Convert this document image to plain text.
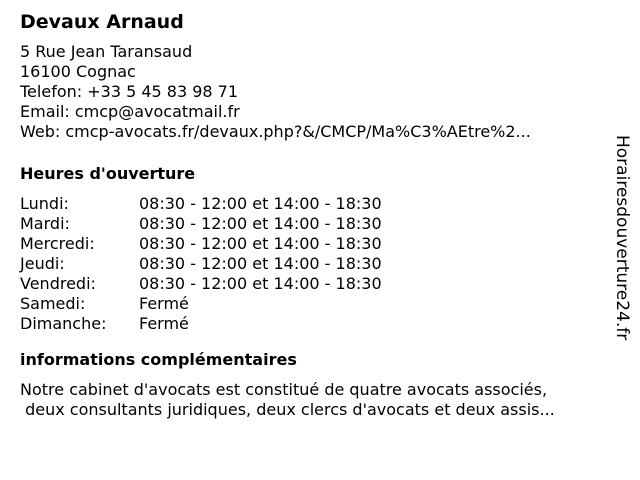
Devaux Arnaud
5 Rue Jean Taransaud
16100 Cognac
Telefon: +33 5 45 83 98 71
Email: cmcp@avocatmail.fr
Web: cmcp-avocats.fr/devaux.php?&/CMCP/Ma%C3%AEtre%2...
Heures d'ouverture
Lundi:	08:30 - 12:00 et 14:00 - 18:30
Mardi:	08:30 - 12:00 et 14:00 - 18:30
Mercredi:	08:30 - 12:00 et 14:00 - 18:30
Jeudi:	08:30 - 12:00 et 14:00 - 18:30
Vendredi:	08:30 - 12:00 et 14:00 - 18:30
Samedi:	Fermé
Dimanche:	Fermé
informations complémentaires
Notre cabinet d'avocats est constitué de quatre avocats associés,
deux consultants juridiques, deux clercs d'avocats et deux assis...
Horairesdouverture24.fr
